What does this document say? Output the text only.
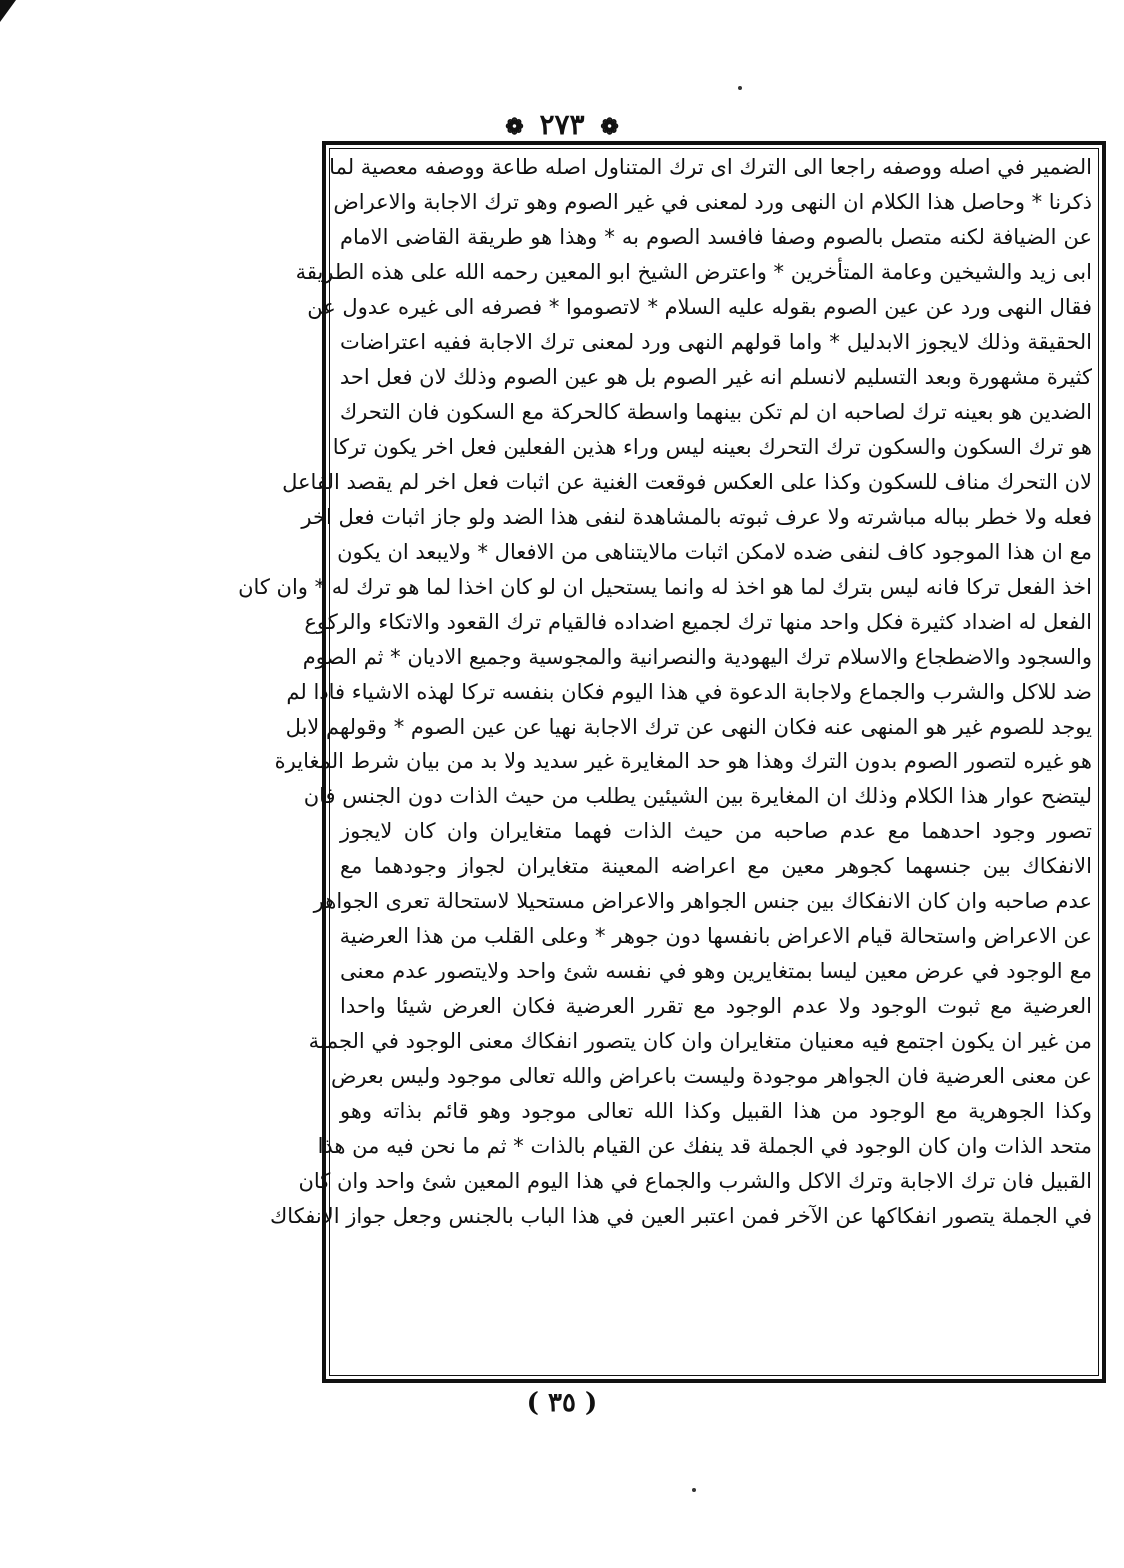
❁ ٢٧٣ ❁
الضمير في اصله ووصفه راجعا الى الترك اى ترك المتناول اصله طاعة ووصفه معصية لما
ذكرنا * وحاصل هذا الكلام ان النهى ورد لمعنى في غير الصوم وهو ترك الاجابة والاعراض
عن الضيافة لكنه متصل بالصوم وصفا فافسد الصوم به * وهذا هو طريقة القاضى الامام
ابى زيد والشيخين وعامة المتأخرين * واعترض الشيخ ابو المعين رحمه الله على هذه الطريقة
فقال النهى ورد عن عين الصوم بقوله عليه السلام * لاتصوموا * فصرفه الى غيره عدول عن
الحقيقة وذلك لايجوز الابدليل * واما قولهم النهى ورد لمعنى ترك الاجابة ففيه اعتراضات
كثيرة مشهورة وبعد التسليم لانسلم انه غير الصوم بل هو عين الصوم وذلك لان فعل احد
الضدين هو بعينه ترك لصاحبه ان لم تكن بينهما واسطة كالحركة مع السكون فان التحرك
هو ترك السكون والسكون ترك التحرك بعينه ليس وراء هذين الفعلين فعل اخر يكون تركا
لان التحرك مناف للسكون وكذا على العكس فوقعت الغنية عن اثبات فعل اخر لم يقصد الفاعل
فعله ولا خطر بباله مباشرته ولا عرف ثبوته بالمشاهدة لنفى هذا الضد ولو جاز اثبات فعل اخر
مع ان هذا الموجود كاف لنفى ضده لامكن اثبات مالايتناهى من الافعال * ولايبعد ان يكون
اخذ الفعل تركا فانه ليس بترك لما هو اخذ له وانما يستحيل ان لو كان اخذا لما هو ترك له * وان كان
الفعل له اضداد كثيرة فكل واحد منها ترك لجميع اضداده فالقيام ترك القعود والاتكاء والركوع
والسجود والاضطجاع والاسلام ترك اليهودية والنصرانية والمجوسية وجميع الاديان * ثم الصوم
ضد للاكل والشرب والجماع ولاجابة الدعوة في هذا اليوم فكان بنفسه تركا لهذه الاشياء فاذا لم
يوجد للصوم غير هو المنهى عنه فكان النهى عن ترك الاجابة نهيا عن عين الصوم * وقولهم لابل
هو غيره لتصور الصوم بدون الترك وهذا هو حد المغايرة غير سديد ولا بد من بيان شرط المغايرة
ليتضح عوار هذا الكلام وذلك ان المغايرة بين الشيئين يطلب من حيث الذات دون الجنس فان
تصور وجود احدهما مع عدم صاحبه من حيث الذات فهما متغايران وان كان لايجوز
الانفكاك بين جنسهما كجوهر معين مع اعراضه المعينة متغايران لجواز وجودهما مع
عدم صاحبه وان كان الانفكاك بين جنس الجواهر والاعراض مستحيلا لاستحالة تعرى الجواهر
عن الاعراض واستحالة قيام الاعراض بانفسها دون جوهر * وعلى القلب من هذا العرضية
مع الوجود في عرض معين ليسا بمتغايرين وهو في نفسه شئ واحد ولايتصور عدم معنى
العرضية مع ثبوت الوجود ولا عدم الوجود مع تقرر العرضية فكان العرض شيئا واحدا
من غير ان يكون اجتمع فيه معنيان متغايران وان كان يتصور انفكاك معنى الوجود في الجملة
عن معنى العرضية فان الجواهر موجودة وليست باعراض والله تعالى موجود وليس بعرض
وكذا الجوهرية مع الوجود من هذا القبيل وكذا الله تعالى موجود وهو قائم بذاته وهو
متحد الذات وان كان الوجود في الجملة قد ينفك عن القيام بالذات * ثم ما نحن فيه من هذا
القبيل فان ترك الاجابة وترك الاكل والشرب والجماع في هذا اليوم المعين شئ واحد وان كان
في الجملة يتصور انفكاكها عن الآخر فمن اعتبر العين في هذا الباب بالجنس وجعل جواز الانفكاك
( ٣٥ )
